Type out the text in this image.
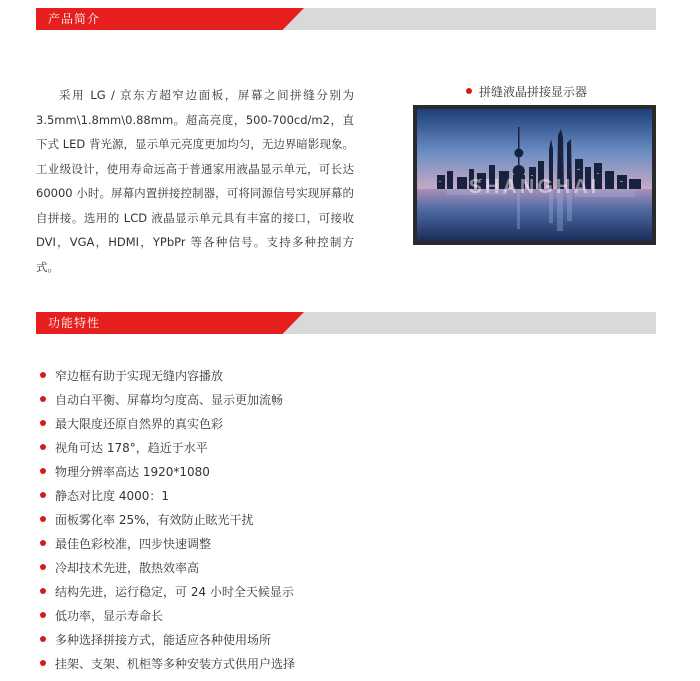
产品简介

采用 LG / 京东方超窄边面板，屏幕之间拼缝分别为 3.5mm\1.8mm\0.88mm。超高亮度，500-700cd/m2，直下式 LED 背光源，显示单元亮度更加均匀，无边界暗影现象。工业级设计，使用寿命远高于普通家用液晶显示单元，可长达 60000 小时。屏幕内置拼接控制器，可将同源信号实现屏幕的自拼接。选用的 LCD 液晶显示单元具有丰富的接口，可接收 DVI，VGA，HDMI，YPbPr 等各种信号。支持多种控制方式。

拼缝液晶拼接显示器
SHANGHAI
功能特性
窄边框有助于实现无缝内容播放
自动白平衡、屏幕均匀度高、显示更加流畅
最大限度还原自然界的真实色彩
视角可达 178°，趋近于水平
物理分辨率高达 1920*1080
静态对比度 4000：1
面板雾化率 25%，有效防止眩光干扰
最佳色彩校准，四步快速调整
冷却技术先进，散热效率高
结构先进，运行稳定，可 24 小时全天候显示
低功率，显示寿命长
多种选择拼接方式，能适应各种使用场所
挂架、支架、机柜等多种安装方式供用户选择
